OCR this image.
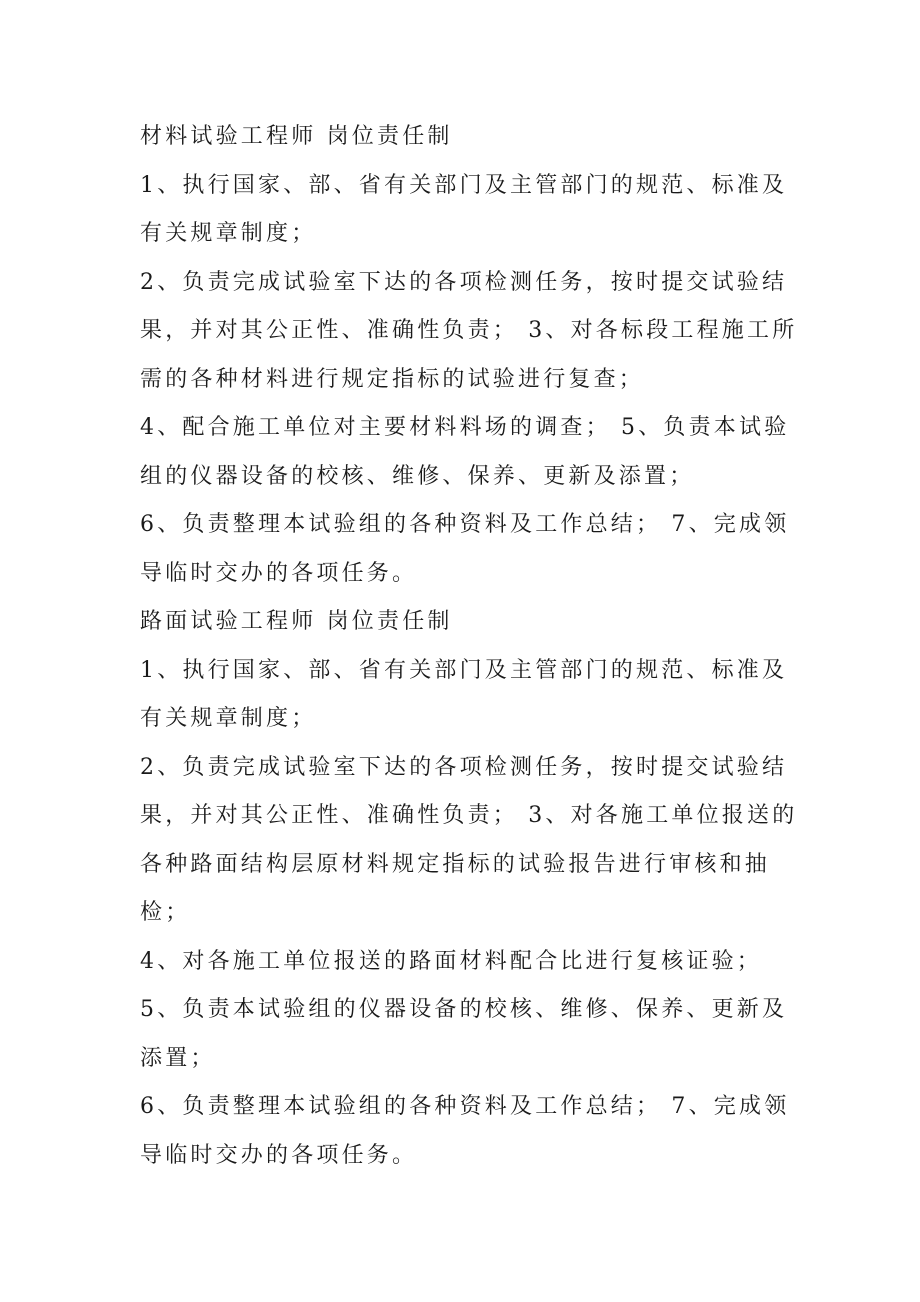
材料试验工程师 岗位责任制
1、执行国家、部、省有关部门及主管部门的规范、标准及
有关规章制度；
2、负责完成试验室下达的各项检测任务，按时提交试验结
果，并对其公正性、准确性负责； 3、对各标段工程施工所
需的各种材料进行规定指标的试验进行复查；
4、配合施工单位对主要材料料场的调查； 5、负责本试验
组的仪器设备的校核、维修、保养、更新及添置；
6、负责整理本试验组的各种资料及工作总结； 7、完成领
导临时交办的各项任务。
路面试验工程师 岗位责任制
1、执行国家、部、省有关部门及主管部门的规范、标准及
有关规章制度；
2、负责完成试验室下达的各项检测任务，按时提交试验结
果，并对其公正性、准确性负责； 3、对各施工单位报送的
各种路面结构层原材料规定指标的试验报告进行审核和抽
检；
4、对各施工单位报送的路面材料配合比进行复核证验；
5、负责本试验组的仪器设备的校核、维修、保养、更新及
添置；
6、负责整理本试验组的各种资料及工作总结； 7、完成领
导临时交办的各项任务。
